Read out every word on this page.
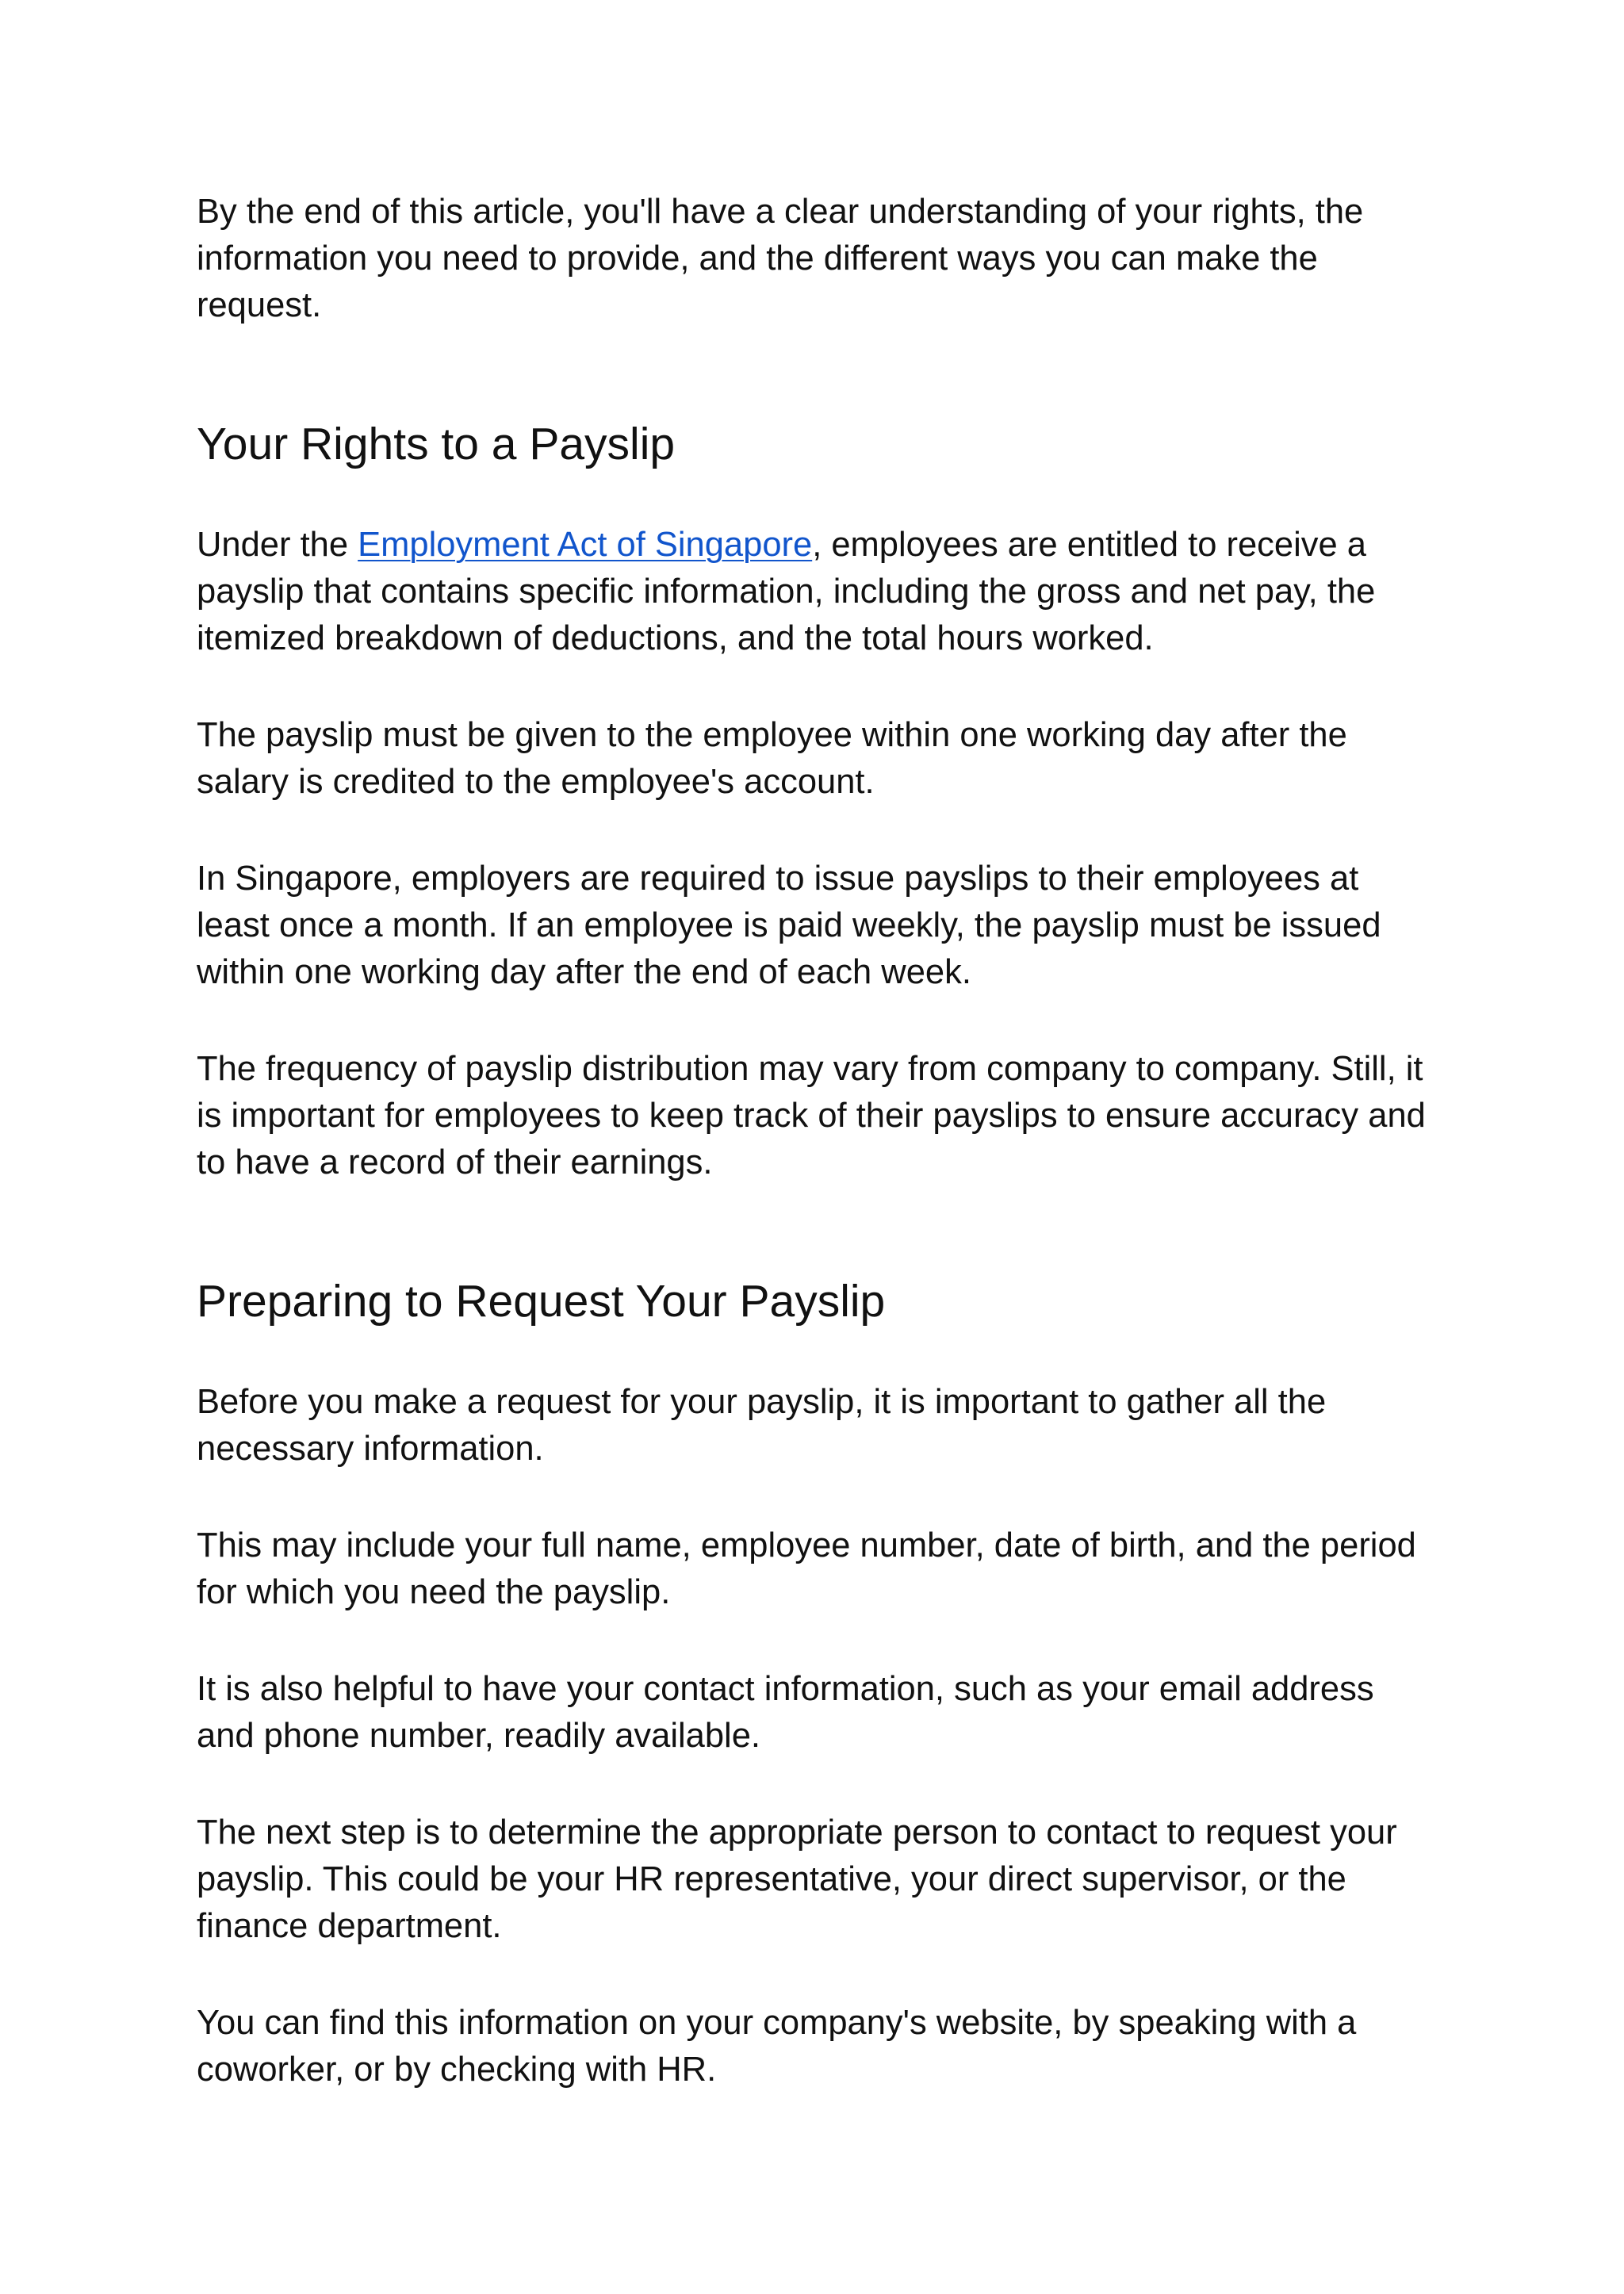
By the end of this article, you'll have a clear understanding of your rights, the information you need to provide, and the different ways you can make the request.

Your Rights to a Payslip

Under the Employment Act of Singapore, employees are entitled to receive a payslip that contains specific information, including the gross and net pay, the itemized breakdown of deductions, and the total hours worked.

The payslip must be given to the employee within one working day after the salary is credited to the employee's account.

In Singapore, employers are required to issue payslips to their employees at least once a month. If an employee is paid weekly, the payslip must be issued within one working day after the end of each week.

The frequency of payslip distribution may vary from company to company. Still, it is important for employees to keep track of their payslips to ensure accuracy and to have a record of their earnings.

Preparing to Request Your Payslip

Before you make a request for your payslip, it is important to gather all the necessary information.

This may include your full name, employee number, date of birth, and the period for which you need the payslip.

It is also helpful to have your contact information, such as your email address and phone number, readily available.

The next step is to determine the appropriate person to contact to request your payslip. This could be your HR representative, your direct supervisor, or the finance department.

You can find this information on your company's website, by speaking with a coworker, or by checking with HR.
